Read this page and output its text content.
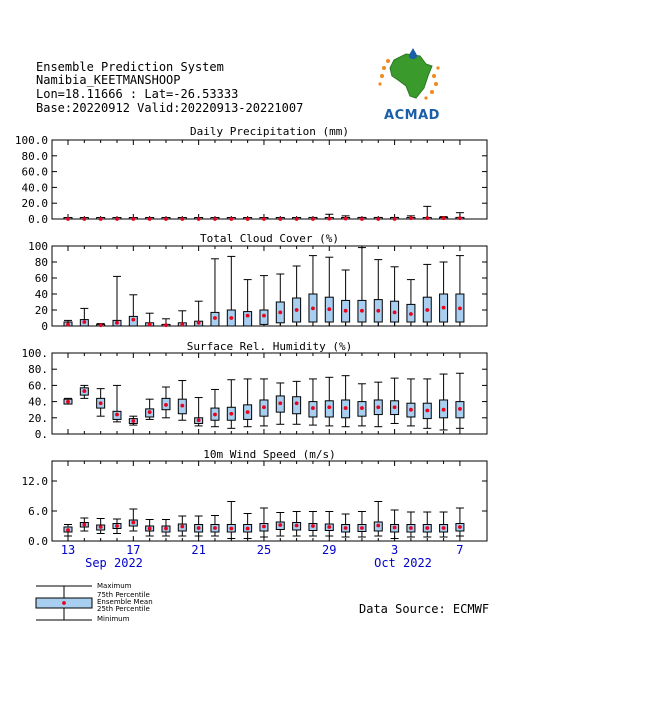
Ensemble Prediction System
Namibia_KEETMANSHOOP
Lon=18.11666 : Lat=-26.53333
Base:20220912 Valid:20220913-20221007	ACMAD
Daily Precipitation (mm)
0.0
20.0
40.0
60.0
80.0
100.0
Total Cloud Cover (%)
0
20
40
60
80
100
Surface Rel. Humidity (%)
0.
20.
40.
60.
80.
100.
10m Wind Speed (m/s)
0.0
6.0
12.0
13	17	21	25	29	3	7
Sep 2022	Oct 2022
Maximum
75th Percentile
Ensemble Mean
25th Percentile
Minimum
Data Source: ECMWF
